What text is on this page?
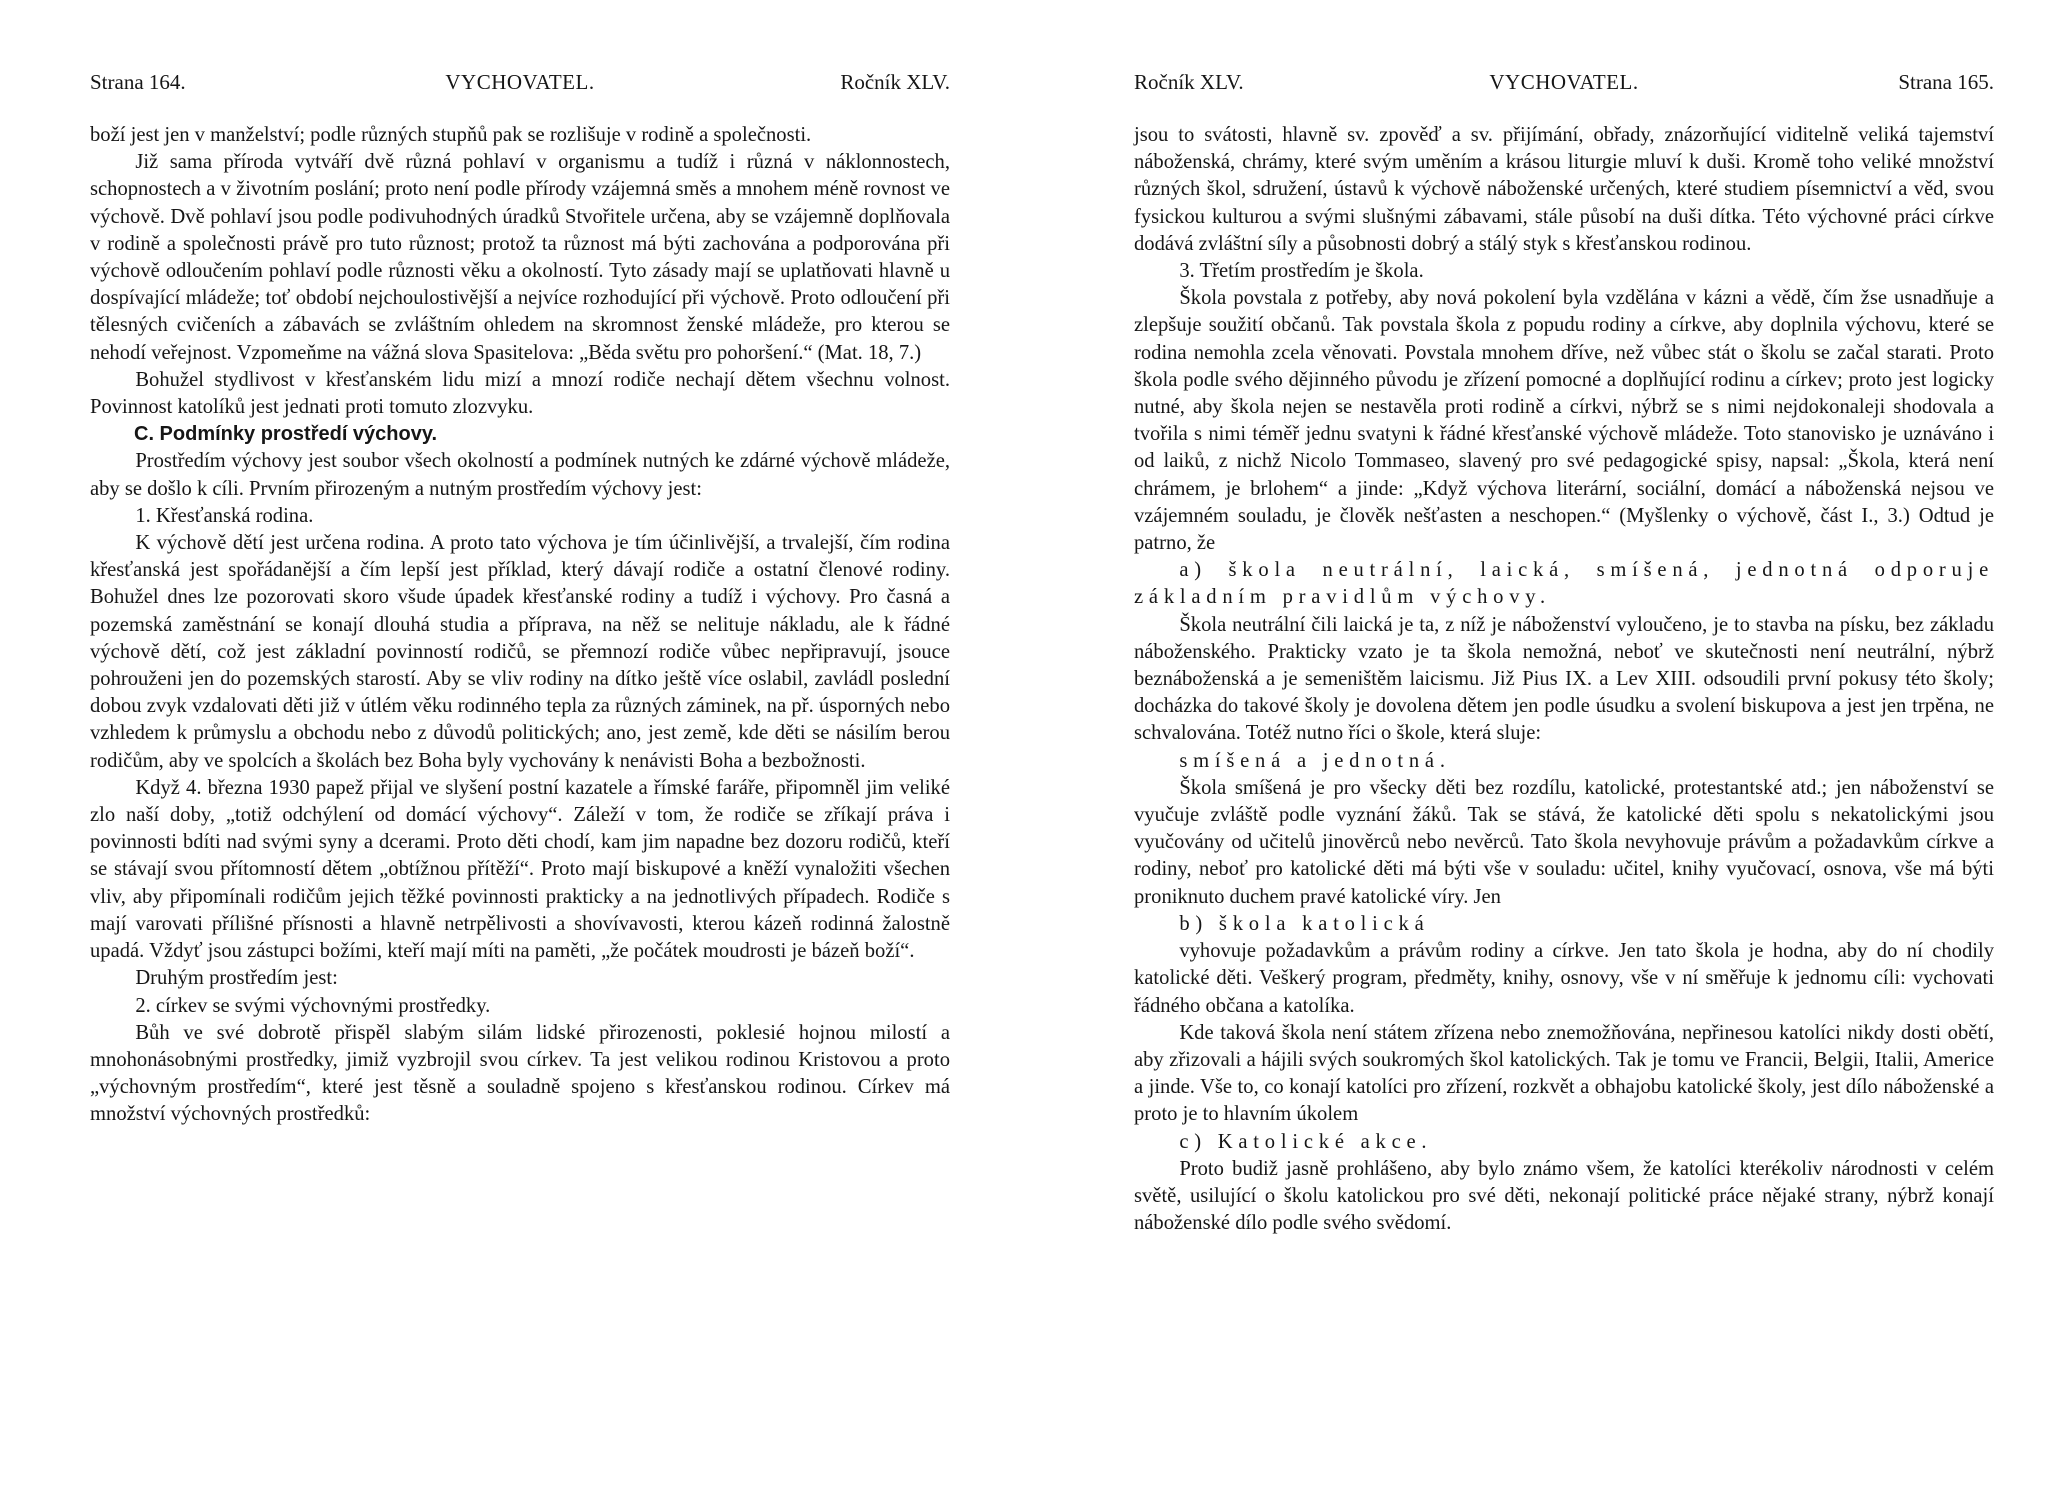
Strana 164.	VYCHOVATEL.	Ročník XLV.

boží jest jen v manželství; podle různých stupňů pak se rozlišuje v rodině a společnosti.

Již sama příroda vytváří dvě různá pohlaví v organismu a tudíž i různá v náklonnostech, schopnostech a v životním poslání; proto není podle přírody vzájemná směs a mnohem méně rovnost ve výchově. Dvě pohlaví jsou podle podivuhodných úradků Stvořitele určena, aby se vzájemně doplňovala v rodině a společnosti právě pro tuto různost; protož ta různost má býti zachována a podporována při výchově odloučením pohlaví podle různosti věku a okolností. Tyto zásady mají se uplatňovati hlavně u dospívající mládeže; toť období nejchoulostivější a nejvíce rozhodující při výchově. Proto odloučení při tělesných cvičeních a zábavách se zvláštním ohledem na skromnost ženské mládeže, pro kterou se nehodí veřejnost. Vzpomeňme na vážná slova Spasitelova: „Běda světu pro pohoršení.“ (Mat. 18, 7.)

Bohužel stydlivost v křesťanském lidu mizí a mnozí rodiče nechají dětem všechnu volnost. Povinnost katolíků jest jednati proti tomuto zlozvyku.

C. Podmínky prostředí výchovy.

Prostředím výchovy jest soubor všech okolností a podmínek nutných ke zdárné výchově mládeže, aby se došlo k cíli. Prvním přirozeným a nutným prostředím výchovy jest:

1. Křesťanská rodina.

K výchově dětí jest určena rodina. A proto tato výchova je tím účinlivější, a trvalejší, čím rodina křesťanská jest spořádanější a čím lepší jest příklad, který dávají rodiče a ostatní členové rodiny. Bohužel dnes lze pozorovati skoro všude úpadek křesťanské rodiny a tudíž i výchovy. Pro časná a pozemská zaměstnání se konají dlouhá studia a příprava, na něž se nelituje nákladu, ale k řádné výchově dětí, což jest základní povinností rodičů, se přemnozí rodiče vůbec nepřipravují, jsouce pohrouženi jen do pozemských starostí. Aby se vliv rodiny na dítko ještě více oslabil, zavládl poslední dobou zvyk vzdalovati děti již v útlém věku rodinného tepla za různých záminek, na př. úsporných nebo vzhledem k průmyslu a obchodu nebo z důvodů politických; ano, jest země, kde děti se násilím berou rodičům, aby ve spolcích a školách bez Boha byly vychovány k nenávisti Boha a bezbožnosti.

Když 4. března 1930 papež přijal ve slyšení postní kazatele a římské faráře, připomněl jim veliké zlo naší doby, „totiž odchýlení od domácí výchovy“. Záleží v tom, že rodiče se zříkají práva i povinnosti bdíti nad svými syny a dcerami. Proto děti chodí, kam jim napadne bez dozoru rodičů, kteří se stávají svou přítomností dětem „obtížnou přítěží“. Proto mají biskupové a kněží vynaložiti všechen vliv, aby připomínali rodičům jejich těžké povinnosti prakticky a na jednotlivých případech. Rodiče s mají varovati přílišné přísnosti a hlavně netrpělivosti a shovívavosti, kterou kázeň rodinná žalostně upadá. Vždyť jsou zástupci božími, kteří mají míti na paměti, „že počátek moudrosti je bázeň boží“.

Druhým prostředím jest:

2. církev se svými výchovnými prostředky.

Bůh ve své dobrotě přispěl slabým silám lidské přirozenosti, poklesié hojnou milostí a mnohonásobnými prostředky, jimiž vyzbrojil svou církev. Ta jest velikou rodinou Kristovou a proto „výchovným prostředím“, které jest těsně a souladně spojeno s křesťanskou rodinou. Církev má množství výchovných prostředků:

Ročník XLV.	VYCHOVATEL.	Strana 165.

jsou to svátosti, hlavně sv. zpověď a sv. přijímání, obřady, znázorňující viditelně veliká tajemství náboženská, chrámy, které svým uměním a krásou liturgie mluví k duši. Kromě toho veliké množství různých škol, sdružení, ústavů k výchově náboženské určených, které studiem písemnictví a věd, svou fysickou kulturou a svými slušnými zábavami, stále působí na duši dítka. Této výchovné práci církve dodává zvláštní síly a působnosti dobrý a stálý styk s křesťanskou rodinou.

3. Třetím prostředím je škola.

Škola povstala z potřeby, aby nová pokolení byla vzdělána v kázni a vědě, čím žse usnadňuje a zlepšuje soužití občanů. Tak povstala škola z popudu rodiny a církve, aby doplnila výchovu, které se rodina nemohla zcela věnovati. Povstala mnohem dříve, než vůbec stát o školu se začal starati. Proto škola podle svého dějinného původu je zřízení pomocné a doplňující rodinu a církev; proto jest logicky nutné, aby škola nejen se nestavěla proti rodině a církvi, nýbrž se s nimi nejdokonaleji shodovala a tvořila s nimi téměř jednu svatyni k řádné křesťanské výchově mládeže. Toto stanovisko je uznáváno i od laiků, z nichž Nicolo Tommaseo, slavený pro své pedagogické spisy, napsal: „Škola, která není chrámem, je brlohem“ a jinde: „Když výchova literární, sociální, domácí a náboženská nejsou ve vzájemném souladu, je člověk nešťasten a neschopen.“ (Myšlenky o výchově, část I., 3.) Odtud je patrno, že

a) škola neutrální, laická, smíšená, jednotná odporuje základním pravidlům výchovy.

Škola neutrální čili laická je ta, z níž je náboženství vyloučeno, je to stavba na písku, bez základu náboženského. Prakticky vzato je ta škola nemožná, neboť ve skutečnosti není neutrální, nýbrž beznáboženská a je semeništěm laicismu. Již Pius IX. a Lev XIII. odsoudili první pokusy této školy; docházka do takové školy je dovolena dětem jen podle úsudku a svolení biskupova a jest jen trpěna, ne schvalována. Totéž nutno říci o škole, která sluje:

smíšená a jednotná.

Škola smíšená je pro všecky děti bez rozdílu, katolické, protestantské atd.; jen náboženství se vyučuje zvláště podle vyznání žáků. Tak se stává, že katolické děti spolu s nekatolickými jsou vyučovány od učitelů jinověrců nebo nevěrců. Tato škola nevyhovuje právům a požadavkům církve a rodiny, neboť pro katolické děti má býti vše v souladu: učitel, knihy vyučovací, osnova, vše má býti proniknuto duchem pravé katolické víry. Jen

b) škola katolická

vyhovuje požadavkům a právům rodiny a církve. Jen tato škola je hodna, aby do ní chodily katolické děti. Veškerý program, předměty, knihy, osnovy, vše v ní směřuje k jednomu cíli: vychovati řádného občana a katolíka.

Kde taková škola není státem zřízena nebo znemožňována, nepřinesou katolíci nikdy dosti obětí, aby zřizovali a hájili svých soukromých škol katolických. Tak je tomu ve Francii, Belgii, Italii, Americe a jinde. Vše to, co konají katolíci pro zřízení, rozkvět a obhajobu katolické školy, jest dílo náboženské a proto je to hlavním úkolem

c) Katolické akce.

Proto budiž jasně prohlášeno, aby bylo známo všem, že katolíci kterékoliv národnosti v celém světě, usilující o školu katolickou pro své děti, nekonají politické práce nějaké strany, nýbrž konají náboženské dílo podle svého svědomí.
